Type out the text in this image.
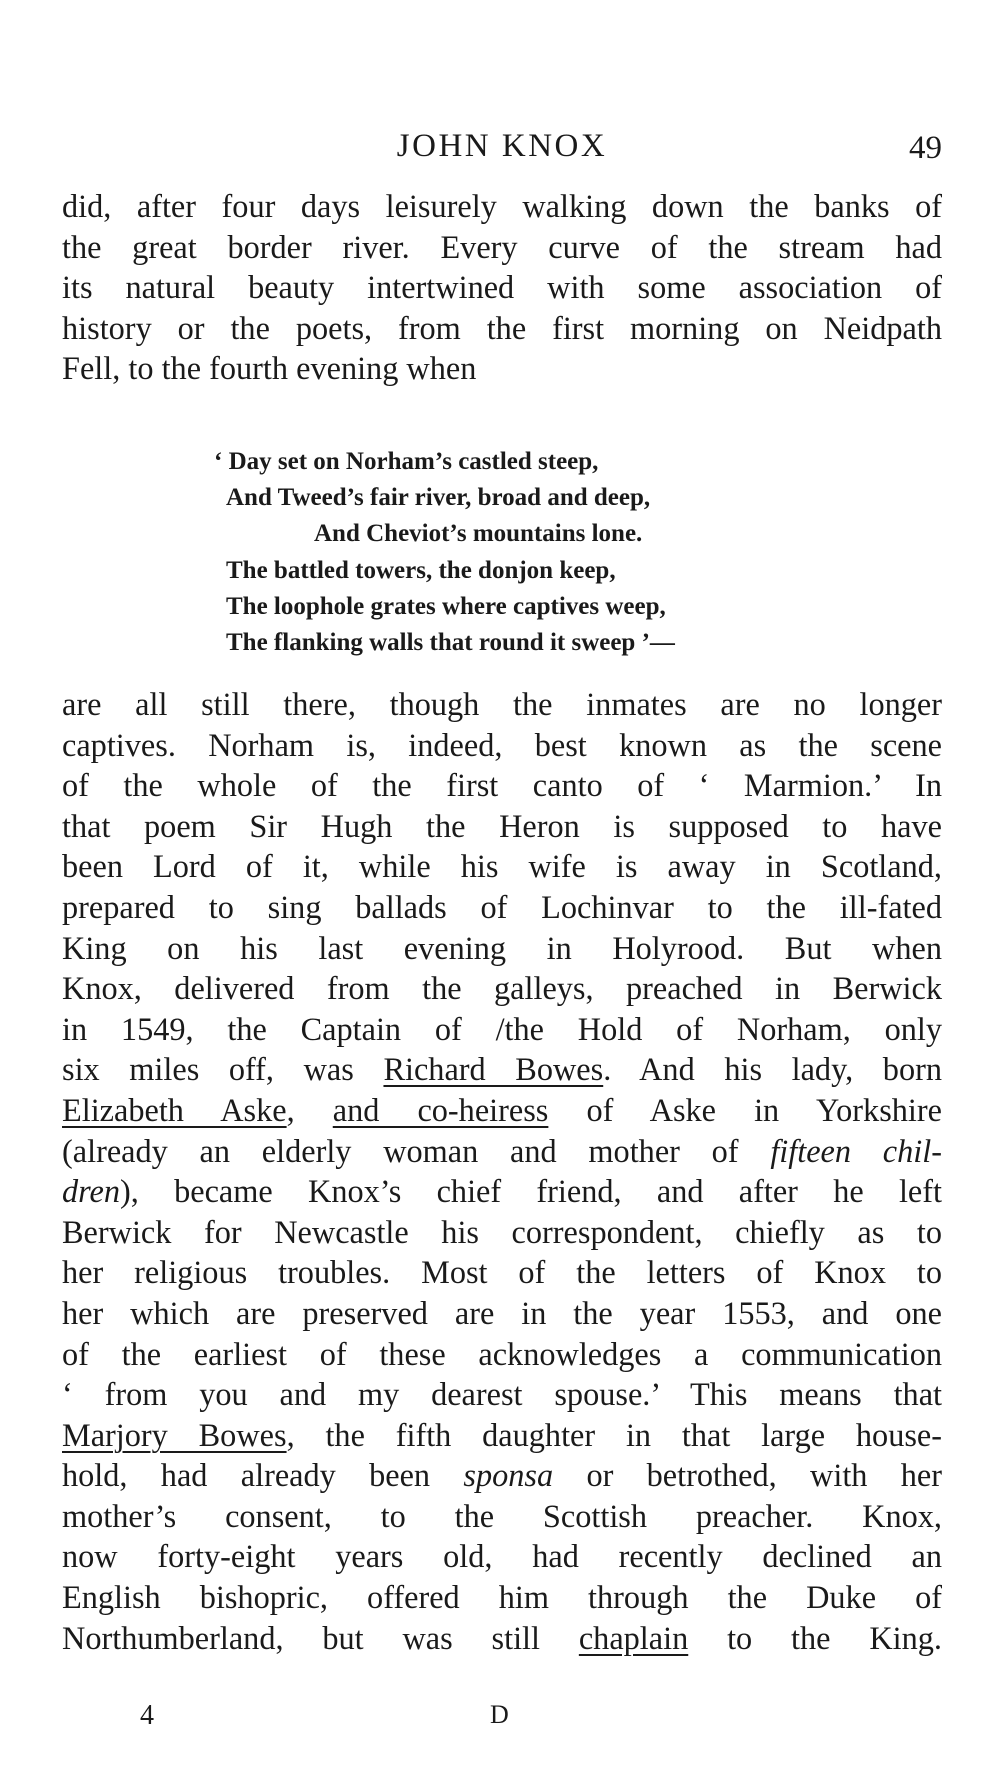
JOHN KNOX	49
did, after four days leisurely walking down the banks of
the great border river. Every curve of the stream had
its natural beauty intertwined with some association of
history or the poets, from the first morning on Neidpath
Fell, to the fourth evening when
‘ Day set on Norham’s castled steep,
And Tweed’s fair river, broad and deep,
And Cheviot’s mountains lone.
The battled towers, the donjon keep,
The loophole grates where captives weep,
The flanking walls that round it sweep ’—
are all still there, though the inmates are no longer
captives. Norham is, indeed, best known as the scene
of the whole of the first canto of ‘ Marmion.’ In
that poem Sir Hugh the Heron is supposed to have
been Lord of it, while his wife is away in Scotland,
prepared to sing ballads of Lochinvar to the ill-fated
King on his last evening in Holyrood. But when
Knox, delivered from the galleys, preached in Berwick
in 1549, the Captain of /the Hold of Norham, only
six miles off, was Richard Bowes. And his lady, born
Elizabeth Aske, and co-heiress of Aske in Yorkshire
(already an elderly woman and mother of fifteen chil-
dren), became Knox’s chief friend, and after he left
Berwick for Newcastle his correspondent, chiefly as to
her religious troubles. Most of the letters of Knox to
her which are preserved are in the year 1553, and one
of the earliest of these acknowledges a communication
‘ from you and my dearest spouse.’ This means that
Marjory Bowes, the fifth daughter in that large house-
hold, had already been sponsa or betrothed, with her
mother’s consent, to the Scottish preacher. Knox,
now forty-eight years old, had recently declined an
English bishopric, offered him through the Duke of
Northumberland, but was still chaplain to the King.
4	D
